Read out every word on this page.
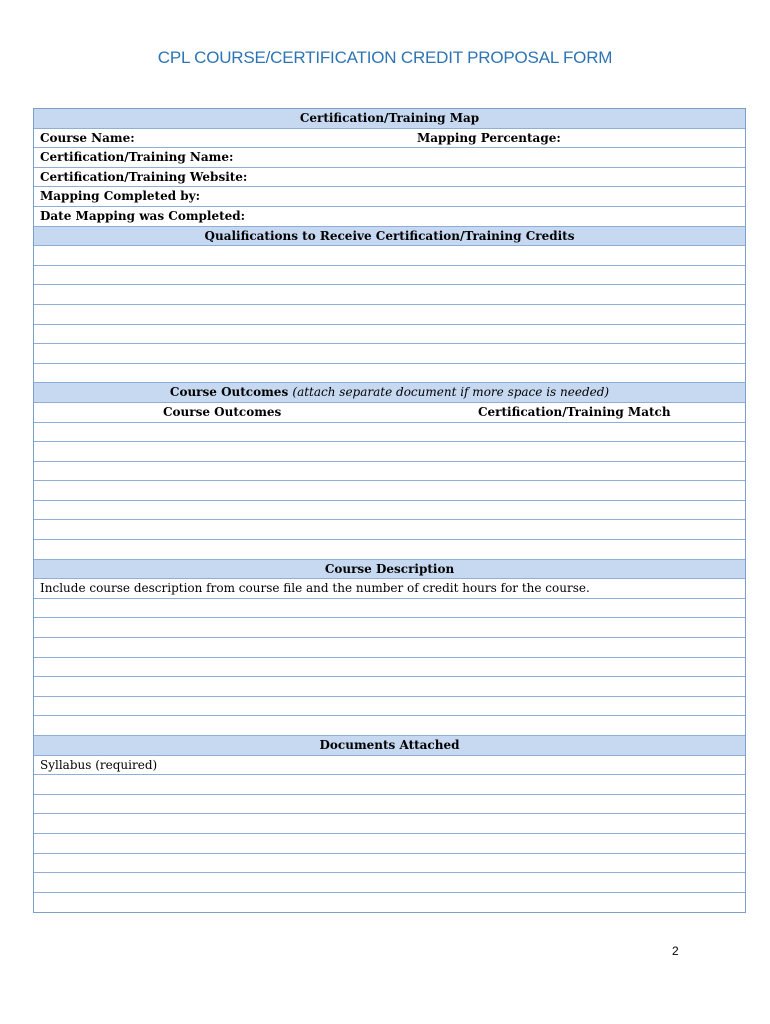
CPL COURSE/CERTIFICATION CREDIT PROPOSAL FORM
Certification/Training Map
Course Name:	Mapping Percentage:
Certification/Training Name:
Certification/Training Website:
Mapping Completed by:
Date Mapping was Completed:
Qualifications to Receive Certification/Training Credits
Course Outcomes (attach separate document if more space is needed)
Course Outcomes	Certification/Training Match
Course Description
Include course description from course file and the number of credit hours for the course.
Documents Attached
Syllabus (required)
2
